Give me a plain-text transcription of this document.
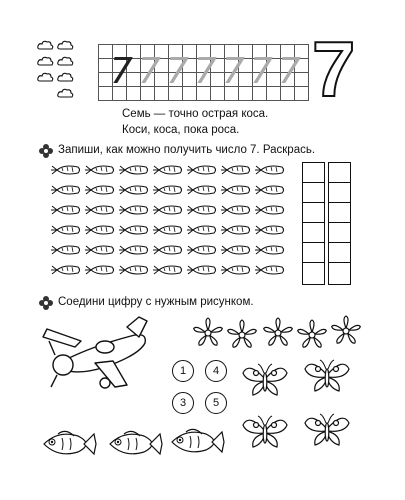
7 7 7 7 7 7 7 7
Семь — точно острая коса.
Коси, коса, пока роса.
Запиши, как можно получить число 7. Раскрась.
Соедини цифру с нужным рисунком.
1	4
3	5
